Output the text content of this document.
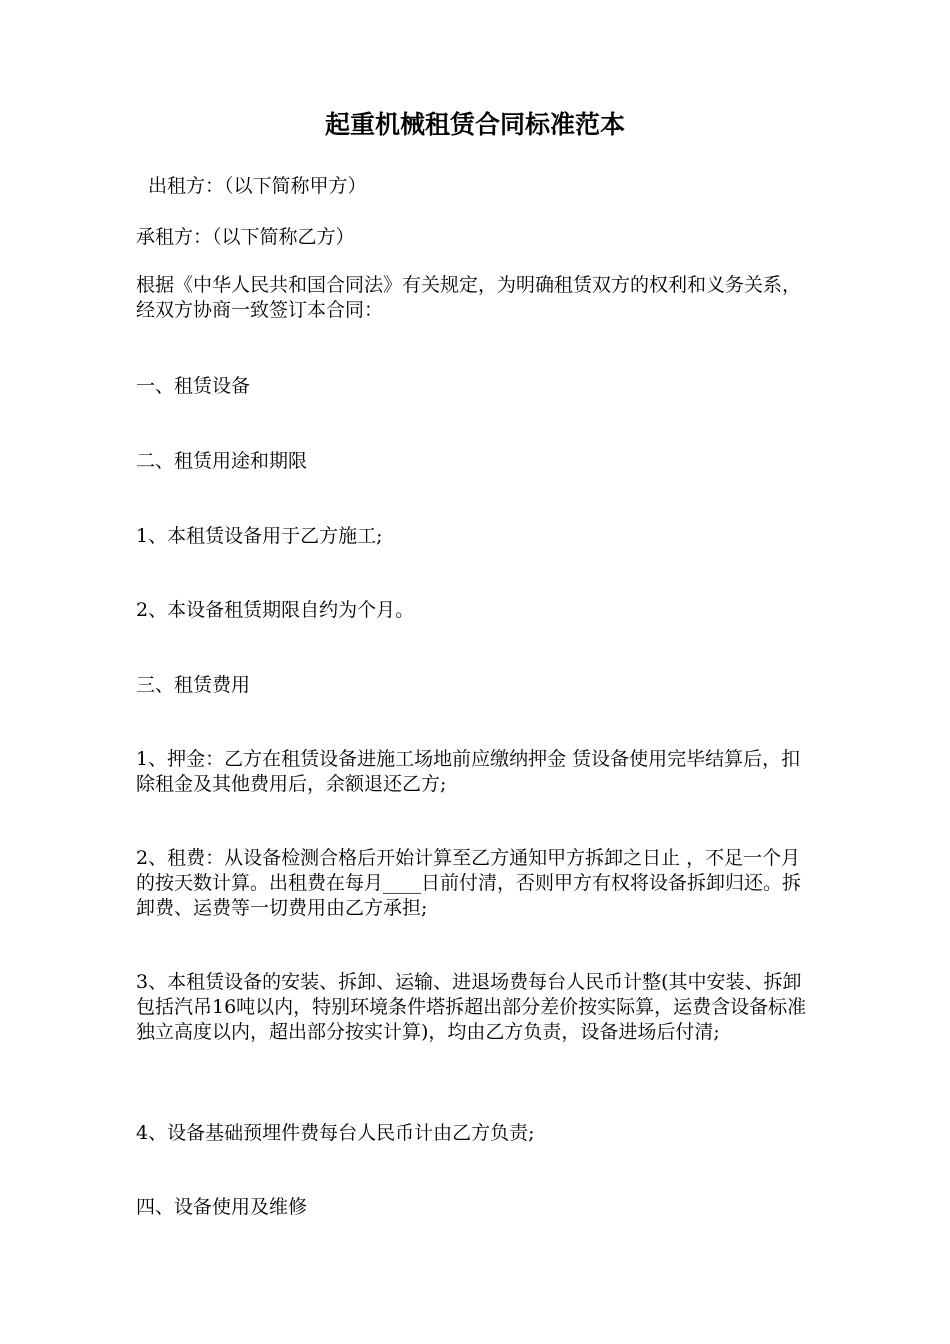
起重机械租赁合同标准范本

出租方：（以下简称甲方）

承租方：（以下简称乙方）

根据《中华人民共和国合同法》有关规定，为明确租赁双方的权利和义务关系，经双方协商一致签订本合同：

一、租赁设备

二、租赁用途和期限

1、本租赁设备用于乙方施工;

2、本设备租赁期限自约为个月。

三、租赁费用

1、押金：乙方在租赁设备进施工场地前应缴纳押金 赁设备使用完毕结算后，扣除租金及其他费用后，余额退还乙方;

2、租费：从设备检测合格后开始计算至乙方通知甲方拆卸之日止 ，不足一个月的按天数计算。出租费在每月____日前付清，否则甲方有权将设备拆卸归还。拆卸费、运费等一切费用由乙方承担;

3、本租赁设备的安装、拆卸、运输、进退场费每台人民币计整(其中安装、拆卸包括汽吊16吨以内，特别环境条件塔拆超出部分差价按实际算，运费含设备标准独立高度以内，超出部分按实计算)，均由乙方负责，设备进场后付清;

4、设备基础预埋件费每台人民币计由乙方负责;

四、设备使用及维修
